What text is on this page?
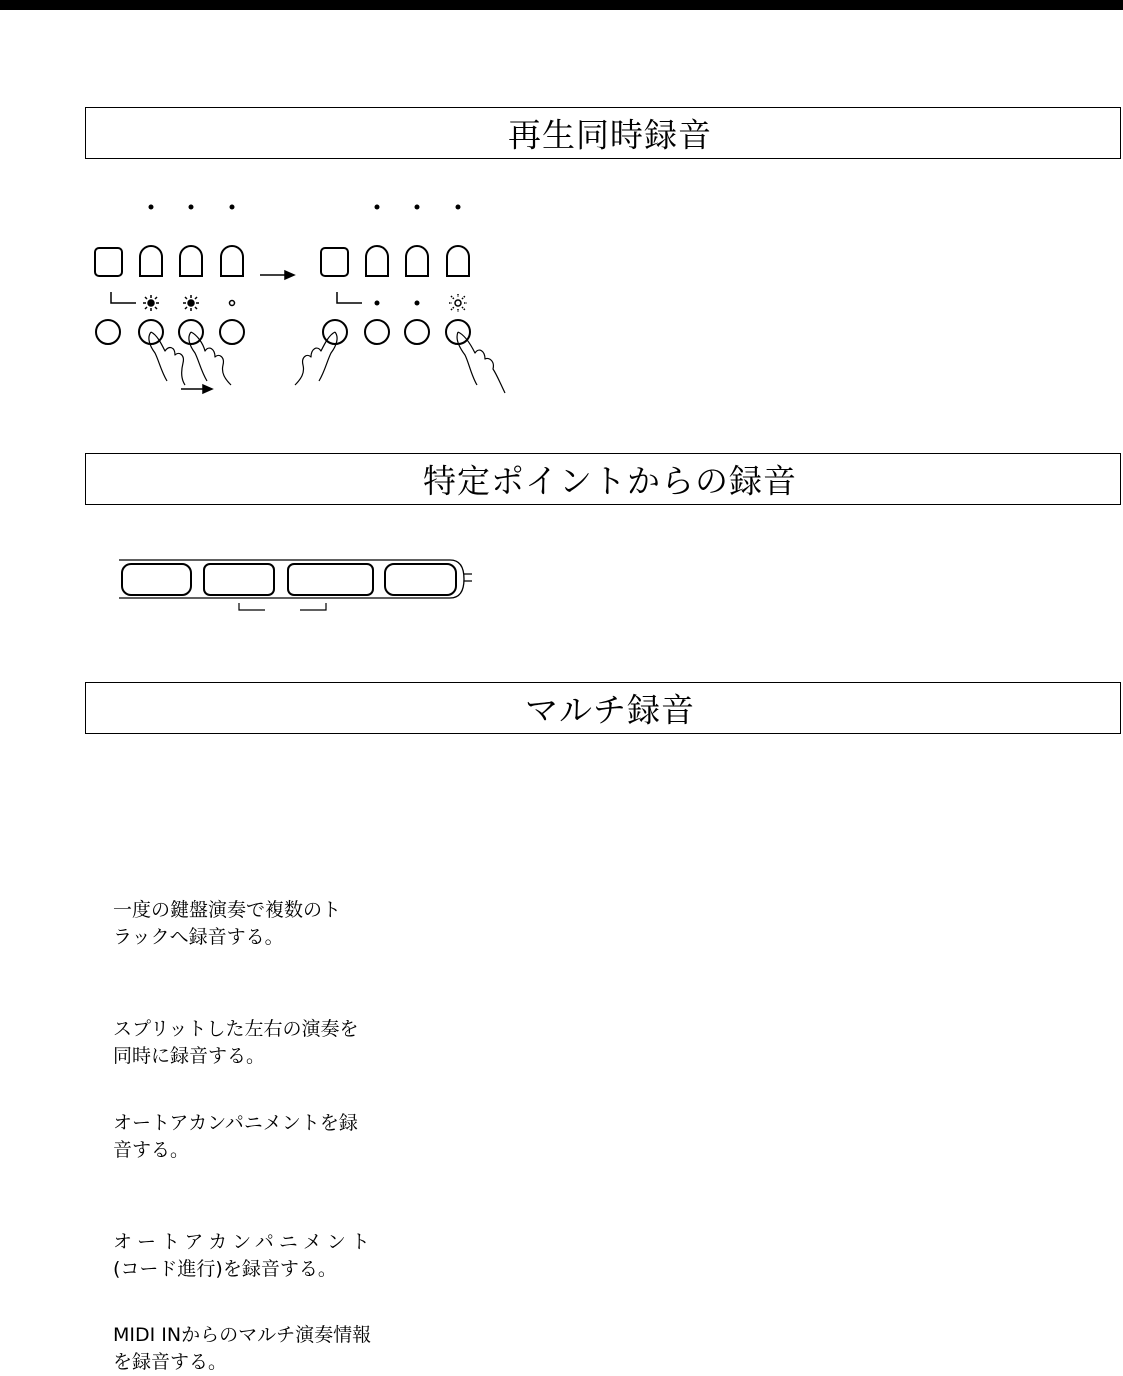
再生同時録音
特定ポイントからの録音
マルチ録音

一度の鍵盤演奏で複数のト
ラックへ録音する。

スプリットした左右の演奏を
同時に録音する。

オートアカンパニメントを録
音する。

オートアカンパニメント
(コード進行)を録音する。

MIDI INからのマルチ演奏情報
を録音する。
